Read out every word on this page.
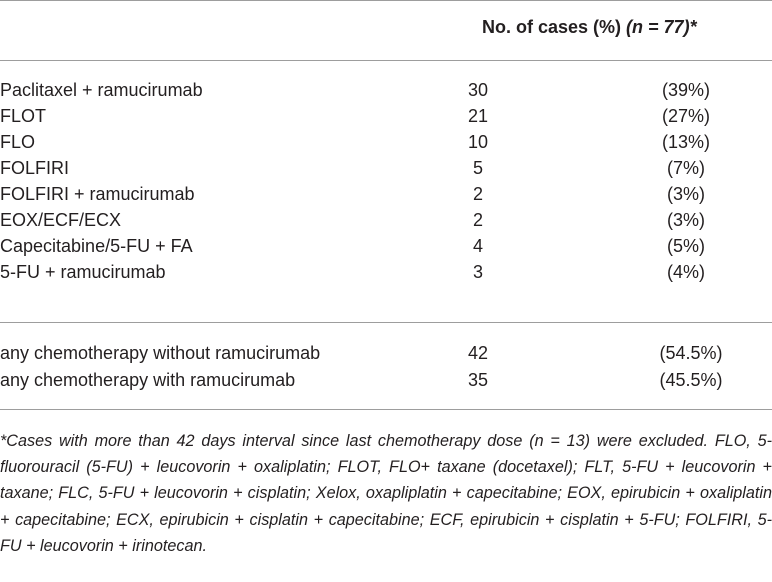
No. of cases (%) (n = 77)*
Paclitaxel + ramucirumab	30	(39%)
FLOT	21	(27%)
FLO	10	(13%)
FOLFIRI	5	(7%)
FOLFIRI + ramucirumab	2	(3%)
EOX/ECF/ECX	2	(3%)
Capecitabine/5-FU + FA	4	(5%)
5-FU + ramucirumab	3	(4%)
any chemotherapy without ramucirumab	42	(54.5%)
any chemotherapy with ramucirumab	35	(45.5%)
*Cases with more than 42 days interval since last chemotherapy dose (n = 13) were excluded. FLO, 5-fluorouracil (5-FU) + leucovorin + oxaliplatin; FLOT, FLO+ taxane (docetaxel); FLT, 5-FU + leucovorin + taxane; FLC, 5-FU + leucovorin + cisplatin; Xelox, oxapliplatin + capecitabine; EOX, epirubicin + oxaliplatin + capecitabine; ECX, epirubicin + cisplatin + capecitabine; ECF, epirubicin + cisplatin + 5-FU; FOLFIRI, 5- FU + leucovorin + irinotecan.
